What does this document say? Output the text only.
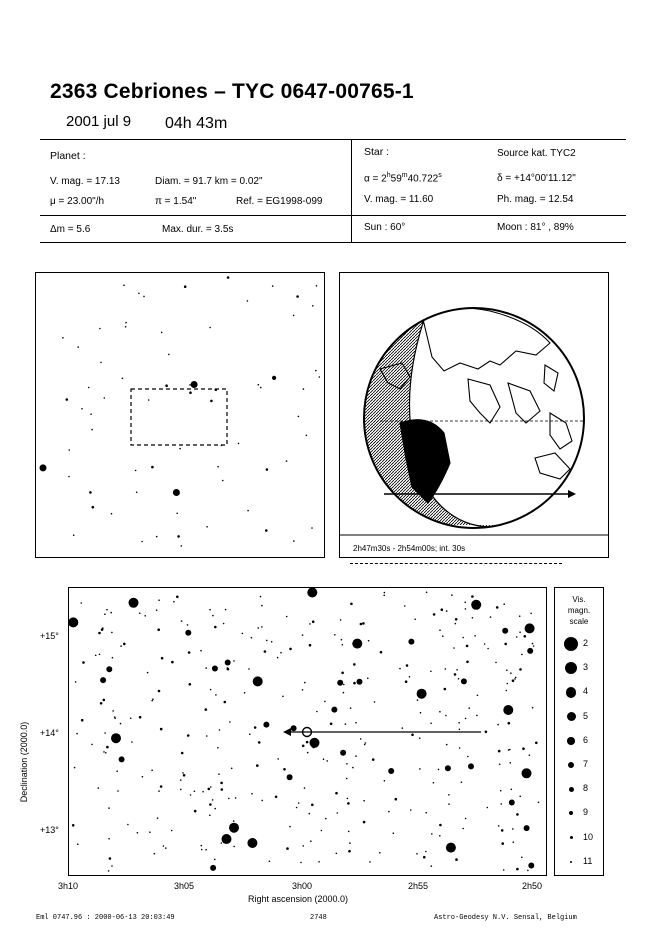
2363 Cebriones – TYC 0647-00765-1
2001 jul 9 04h 43m
Planet :
V. mag. = 17.13	Diam. = 91.7 km = 0.02"
μ = 23.00"/h	π = 1.54"	Ref. = EG1998-099
Δm = 5.6	Max. dur. = 3.5s
Star :	Source kat. TYC2
$\alpha = 2^h59^m40.722^s$	δ = +14°00'11.12"
V. mag. = 11.60	Ph. mag. = 12.54
Sun : 60°	Moon : 81° , 89%
2h47m30s - 2h54m00s; int. 30s
Declination (2000.0)
+15°
+14°
+13°
3h10	3h05	3h00	2h55	2h50
Right ascension (2000.0)
Vis.
magn.
scale
2
3
4
5
6
7
8
9
10
11
Eml 0747.96 : 2000-06-13 20:03:49	2748	Astro-Geodesy N.V. Sensal, Belgium
